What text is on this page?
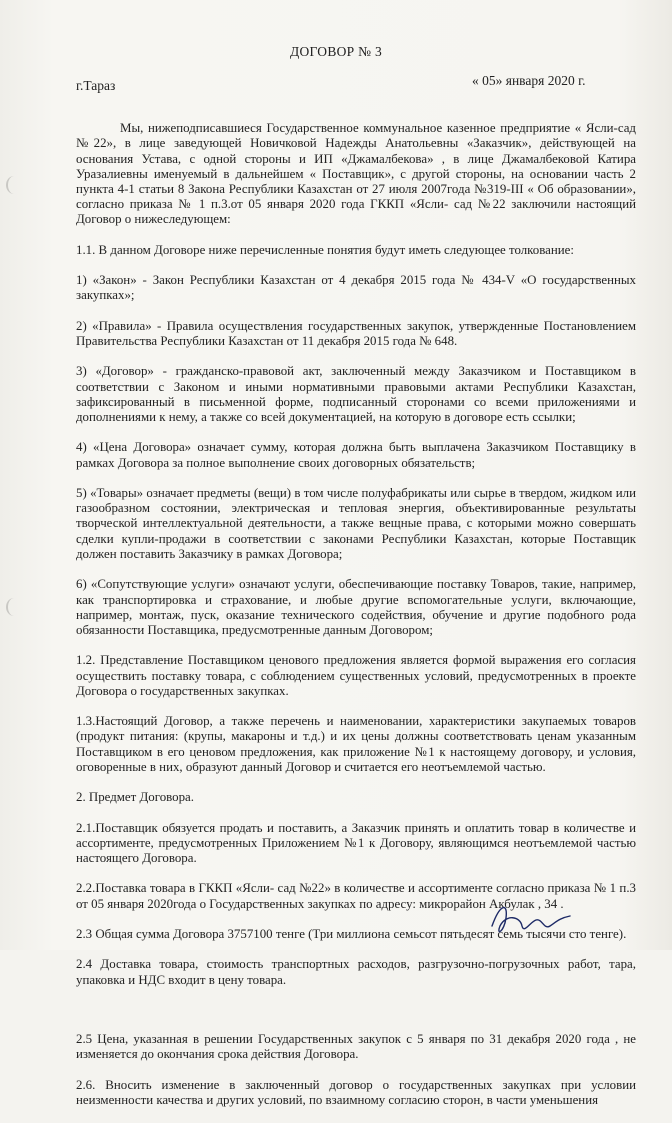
ДОГОВОР № 3
г.Тараз	« 05» января 2020 г.

Мы, нижеподписавшиеся Государственное коммунальное казенное предприятие « Ясли-сад №22», в лице заведующей Новичковой Надежды Анатольевны «Заказчик», действующей на основания Устава, с одной стороны и ИП «Джамалбекова» , в лице Джамалбековой Катира Уразалиевны именуемый в дальнейшем « Поставщик», с другой стороны, на основании часть 2 пункта 4-1 статьи 8 Закона Республики Казахстан от 27 июля 2007года №319-III « Об образовании», согласно приказа № 1 п.3.от 05 января 2020 года ГККП «Ясли- сад №22 заключили настоящий Договор о нижеследующем:

1.1. В данном Договоре ниже перечисленные понятия будут иметь следующее толкование:

1) «Закон» - Закон Республики Казахстан от 4 декабря 2015 года № 434-V «О государственных закупках»;

2) «Правила» - Правила осуществления государственных закупок, утвержденные Постановлением Правительства Республики Казахстан от 11 декабря 2015 года № 648.

3) «Договор» - гражданско-правовой акт, заключенный между Заказчиком и Поставщиком в соответствии с Законом и иными нормативными правовыми актами Республики Казахстан, зафиксированный в письменной форме, подписанный сторонами со всеми приложениями и дополнениями к нему, а также со всей документацией, на которую в договоре есть ссылки;

4) «Цена Договора» означает сумму, которая должна быть выплачена Заказчиком Поставщику в рамках Договора за полное выполнение своих договорных обязательств;

5) «Товары» означает предметы (вещи) в том числе полуфабрикаты или сырье в твердом, жидком или газообразном состоянии, электрическая и тепловая энергия, объективированные результаты творческой интеллектуальной деятельности, а также вещные права, с которыми можно совершать сделки купли-продажи в соответствии с законами Республики Казахстан, которые Поставщик должен поставить Заказчику в рамках Договора;

6) «Сопутствующие услуги» означают услуги, обеспечивающие поставку Товаров, такие, например, как транспортировка и страхование, и любые другие вспомогательные услуги, включающие, например, монтаж, пуск, оказание технического содействия, обучение и другие подобного рода обязанности Поставщика, предусмотренные данным Договором;

1.2. Представление Поставщиком ценового предложения является формой выражения его согласия осуществить поставку товара, с соблюдением существенных условий, предусмотренных в проекте Договора о государственных закупках.

1.3.Настоящий Договор, а также перечень и наименовании, характеристики закупаемых товаров (продукт питания: (крупы, макароны и т.д.) и их цены должны соответствовать ценам указанным Поставщиком в его ценовом предложения, как приложение №1 к настоящему договору, и условия, оговоренные в них, образуют данный Договор и считается его неотъемлемой частью.

2. Предмет Договора.

2.1.Поставщик обязуется продать и поставить, а Заказчик принять и оплатить товар в количестве и ассортименте, предусмотренных Приложением №1 к Договору, являющимся неотъемлемой частью настоящего Договора.

2.2.Поставка товара в ГККП «Ясли- сад №22» в количестве и ассортименте согласно приказа № 1 п.3 от 05 января 2020года о Государственных закупках по адресу: микрорайон Акбулак , 34 .

2.3 Общая сумма Договора 3757100 тенге (Три миллиона семьсот пятьдесят семь тысячи сто тенге).

2.4 Доставка товара, стоимость транспортных расходов, разгрузочно-погрузочных работ, тара, упаковка и НДС входит в цену товара.

2.5 Цена, указанная в решении Государственных закупок с 5 января по 31 декабря 2020 года , не изменяется до окончания срока действия Договора.

2.6. Вносить изменение в заключенный договор о государственных закупках при условии неизменности качества и других условий, по взаимному согласию сторон, в части уменьшения
